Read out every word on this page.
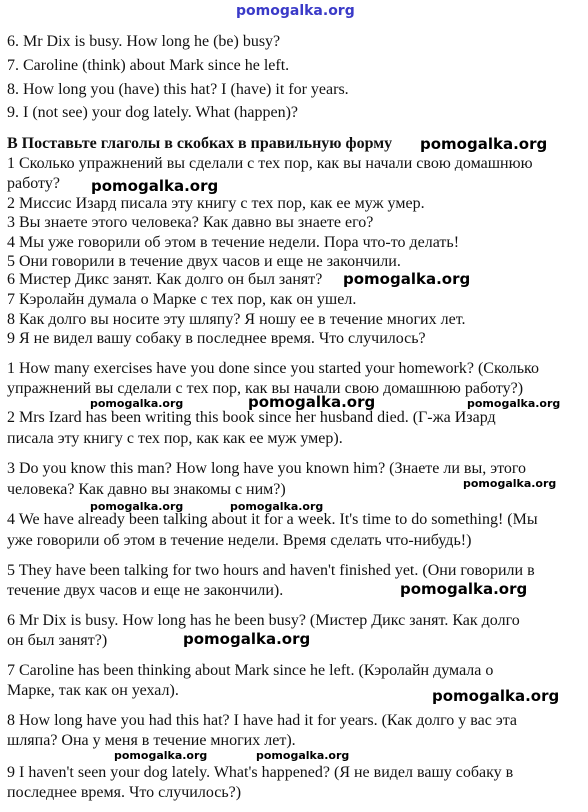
pomogalka.org
6. Mr Dix is busy. How long he (be) busy?
7. Caroline (think) about Mark since he left.
8. How long you (have) this hat? I (have) it for years.
9. I (not see) your dog lately. What (happen)?
В Поставьте глаголы в скобках в правильную форму pomogalka.org
1 Сколько упражнений вы сделали с тех пор, как вы начали свою домашнюю
работу? pomogalka.org
2 Миссис Изард писала эту книгу с тех пор, как ее муж умер.
3 Вы знаете этого человека? Как давно вы знаете его?
4 Мы уже говорили об этом в течение недели. Пора что-то делать!
5 Они говорили в течение двух часов и еще не закончили.
6 Мистер Дикс занят. Как долго он был занят? pomogalka.org
7 Кэролайн думала о Марке с тех пор, как он ушел.
8 Как долго вы носите эту шляпу? Я ношу ее в течение многих лет.
9 Я не видел вашу собаку в последнее время. Что случилось?
1 How many exercises have you done since you started your homework? (Сколько
упражнений вы сделали с тех пор, как вы начали свою домашнюю работу?)
pomogalka.org	pomogalka.org	pomogalka.org
2 Mrs Izard has been writing this book since her husband died. (Г-жа Изард
писала эту книгу с тех пор, как как ее муж умер).
3 Do you know this man? How long have you known him? (Знаете ли вы, этого
pomogalka.org
человека? Как давно вы знакомы с ним?)
pomogalka.org	pomogalka.org
4 We have already been talking about it for a week. It's time to do something! (Мы
уже говорили об этом в течение недели. Время сделать что-нибудь!)
5 They have been talking for two hours and haven't finished yet. (Они говорили в
pomogalka.org
течение двух часов и еще не закончили).
6 Mr Dix is busy. How long has he been busy? (Мистер Дикс занят. Как долго
pomogalka.org
он был занят?)
7 Caroline has been thinking about Mark since he left. (Кэролайн думала о
Марке, так как он уехал).	pomogalka.org
8 How long have you had this hat? I have had it for years. (Как долго у вас эта
шляпа? Она у меня в течение многих лет).
pomogalka.org	pomogalka.org
9 I haven't seen your dog lately. What's happened? (Я не видел вашу собаку в
последнее время. Что случилось?)
